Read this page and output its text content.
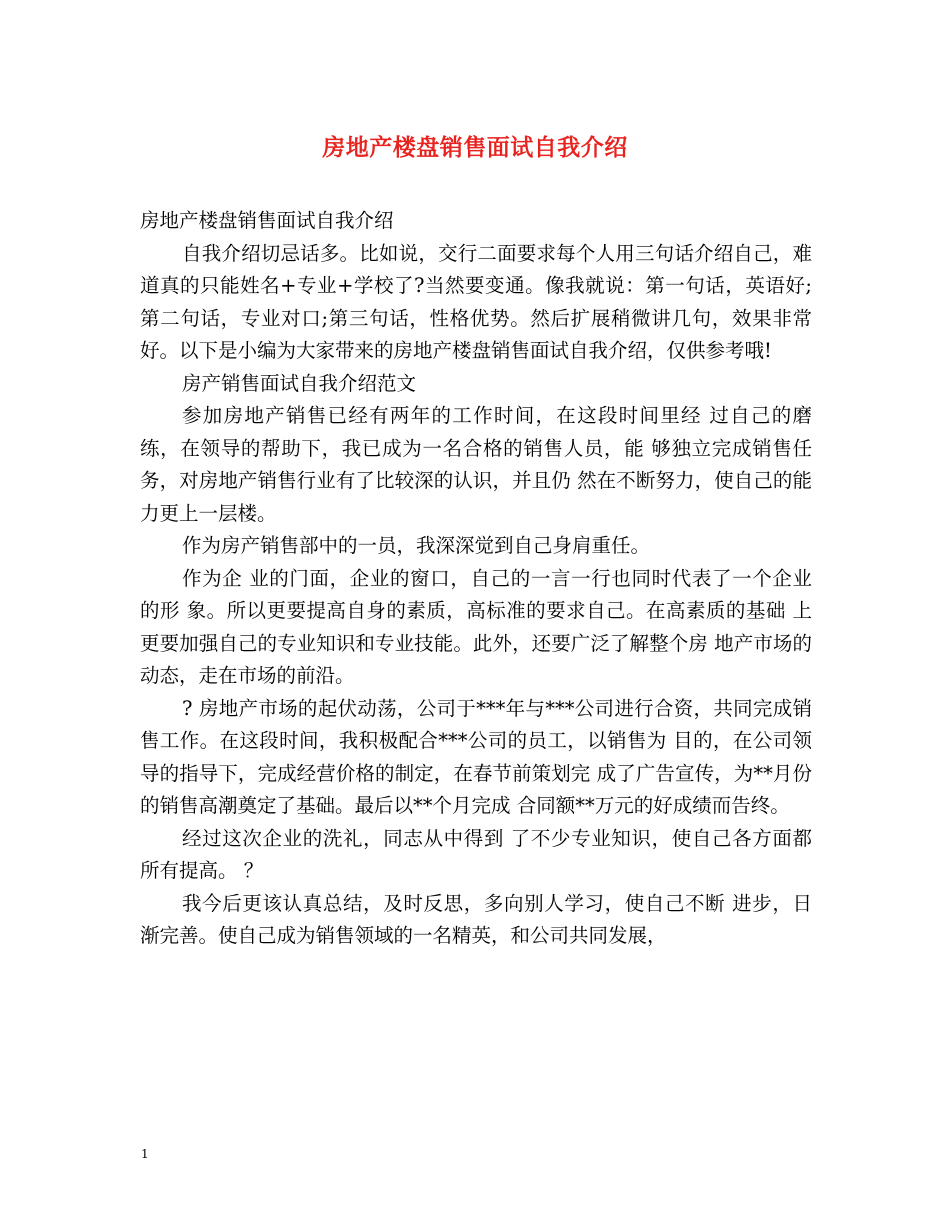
房地产楼盘销售面试自我介绍

房地产楼盘销售面试自我介绍

自我介绍切忌话多。比如说，交行二面要求每个人用三句话介绍自己，难道真的只能姓名+专业+学校了?当然要变通。像我就说：第一句话，英语好;第二句话，专业对口;第三句话，性格优势。然后扩展稍微讲几句，效果非常好。以下是小编为大家带来的房地产楼盘销售面试自我介绍，仅供参考哦!

房产销售面试自我介绍范文

参加房地产销售已经有两年的工作时间，在这段时间里经 过自己的磨练，在领导的帮助下，我已成为一名合格的销售人员，能 够独立完成销售任务，对房地产销售行业有了比较深的认识，并且仍 然在不断努力，使自己的能力更上一层楼。

作为房产销售部中的一员，我深深觉到自己身肩重任。

作为企 业的门面，企业的窗口，自己的一言一行也同时代表了一个企业的形 象。所以更要提高自身的素质，高标准的要求自己。在高素质的基础 上更要加强自己的专业知识和专业技能。此外，还要广泛了解整个房 地产市场的动态，走在市场的前沿。

? 房地产市场的起伏动荡，公司于***年与***公司进行合资，共同完成销售工作。在这段时间，我积极配合***公司的员工，以销售为 目的，在公司领导的指导下，完成经营价格的制定，在春节前策划完 成了广告宣传，为**月份的销售高潮奠定了基础。最后以**个月完成 合同额**万元的好成绩而告终。

经过这次企业的洗礼，同志从中得到 了不少专业知识，使自己各方面都所有提高。 ？

我今后更该认真总结，及时反思，多向别人学习，使自己不断 进步，日渐完善。使自己成为销售领域的一名精英，和公司共同发展，

1
